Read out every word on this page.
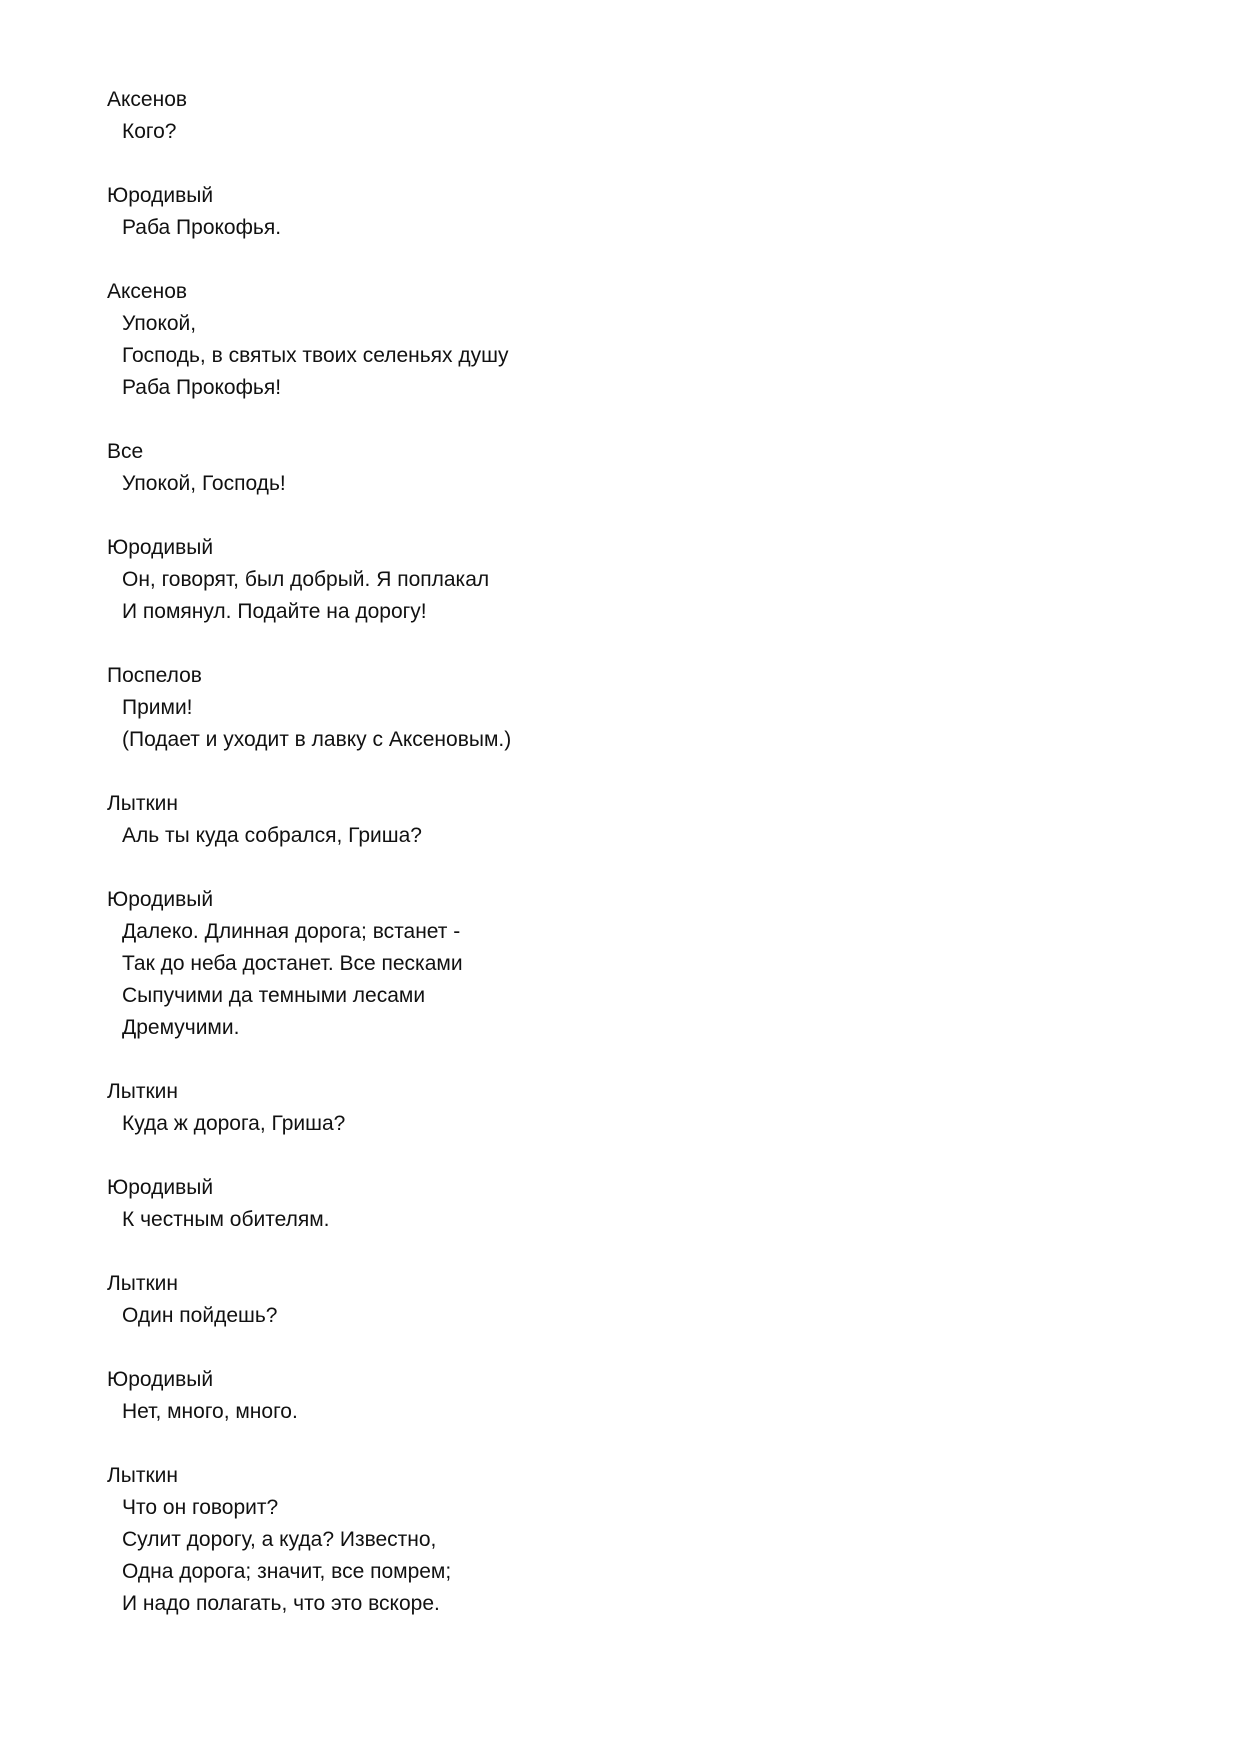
Аксенов
Кого?
Юродивый
Раба Прокофья.
Аксенов
Упокой,
Господь, в святых твоих селеньях душу
Раба Прокофья!
Все
Упокой, Господь!
Юродивый
Он, говорят, был добрый. Я поплакал
И помянул. Подайте на дорогу!
Поспелов
Прими!
(Подает и уходит в лавку с Аксеновым.)
Лыткин
Аль ты куда собрался, Гриша?
Юродивый
Далеко. Длинная дорога; встанет -
Так до неба достанет. Все песками
Сыпучими да темными лесами
Дремучими.
Лыткин
Куда ж дорога, Гриша?
Юродивый
К честным обителям.
Лыткин
Один пойдешь?
Юродивый
Нет, много, много.
Лыткин
Что он говорит?
Сулит дорогу, а куда? Известно,
Одна дорога; значит, все помрем;
И надо полагать, что это вскоре.
